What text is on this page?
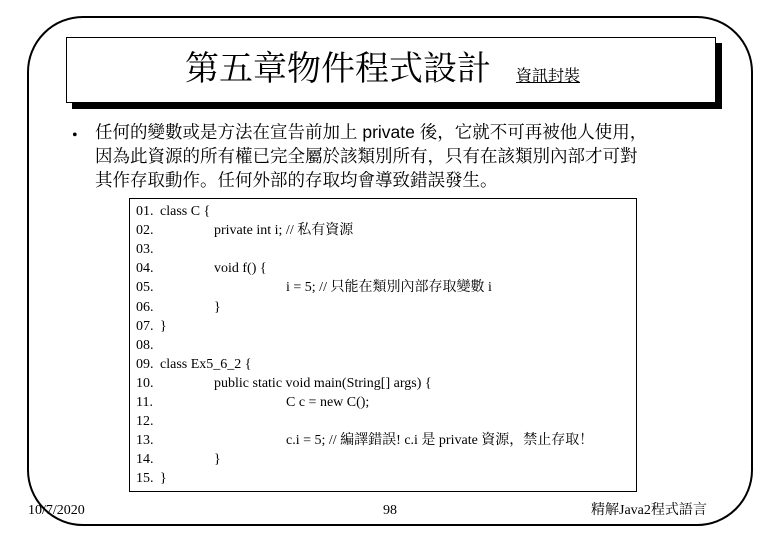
第五章物件程式設計 資訊封裝
• 任何的變數或是方法在宣告前加上 private 後，它就不可再被他人使用，
因為此資源的所有權已完全屬於該類別所有，只有在該類別內部才可對
其作存取動作。任何外部的存取均會導致錯誤發生。
01. class C {
02.	private int i; // 私有資源
03.
04.	void f() {
05.	i = 5; // 只能在類別內部存取變數 i
06.	}
07. }
08.
09. class Ex5_6_2 {
10.	public static void main(String[] args) {
11.	C c = new C();
12.
13.	c.i = 5; // 編譯錯誤! c.i 是 private 資源，禁止存取！
14.	}
15. }
10/7/2020	98	精解Java2程式語言
